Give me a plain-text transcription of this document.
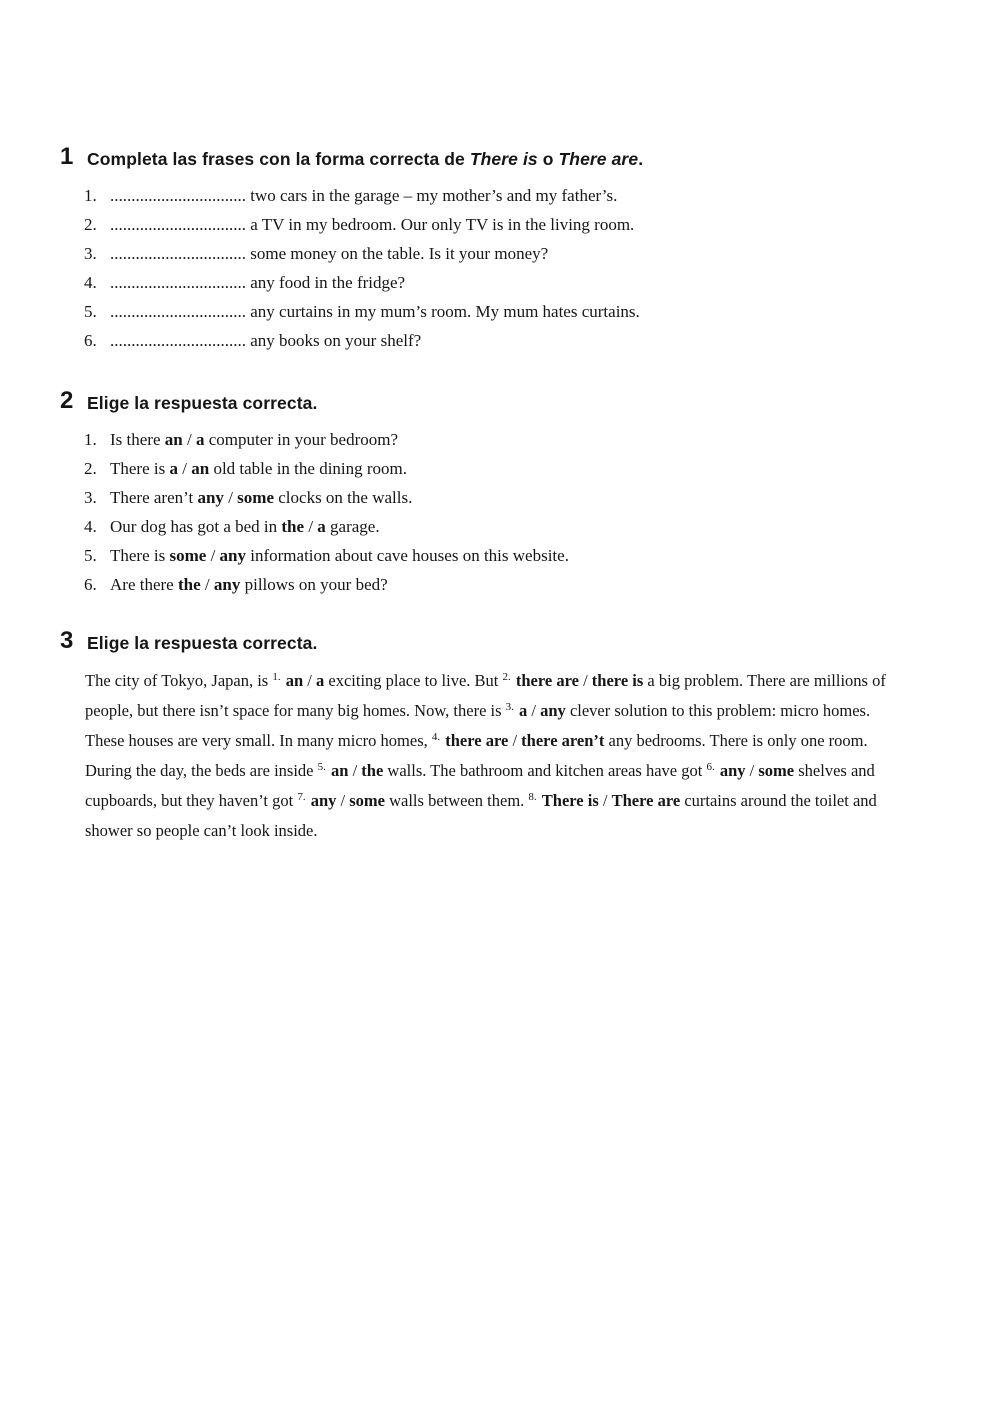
1 Completa las frases con la forma correcta de There is o There are.
1. ................................ two cars in the garage – my mother’s and my father’s.
2. ................................ a TV in my bedroom. Our only TV is in the living room.
3. ................................ some money on the table. Is it your money?
4. ................................ any food in the fridge?
5. ................................ any curtains in my mum’s room. My mum hates curtains.
6. ................................ any books on your shelf?
2 Elige la respuesta correcta.
1. Is there an / a computer in your bedroom?
2. There is a / an old table in the dining room.
3. There aren’t any / some clocks on the walls.
4. Our dog has got a bed in the / a garage.
5. There is some / any information about cave houses on this website.
6. Are there the / any pillows on your bed?
3 Elige la respuesta correcta.
The city of Tokyo, Japan, is $^{1.}$ an / a exciting place to live. But $^{2.}$ there are / there is a big problem. There are millions of
people, but there isn’t space for many big homes. Now, there is $^{3.}$ a / any clever solution to this problem: micro homes.
These houses are very small. In many micro homes, $^{4.}$ there are / there aren’t any bedrooms. There is only one room.
During the day, the beds are inside $^{5.}$ an / the walls. The bathroom and kitchen areas have got $^{6.}$ any / some shelves and
cupboards, but they haven’t got $^{7.}$ any / some walls between them. $^{8.}$ There is / There are curtains around the toilet and
shower so people can’t look inside.
